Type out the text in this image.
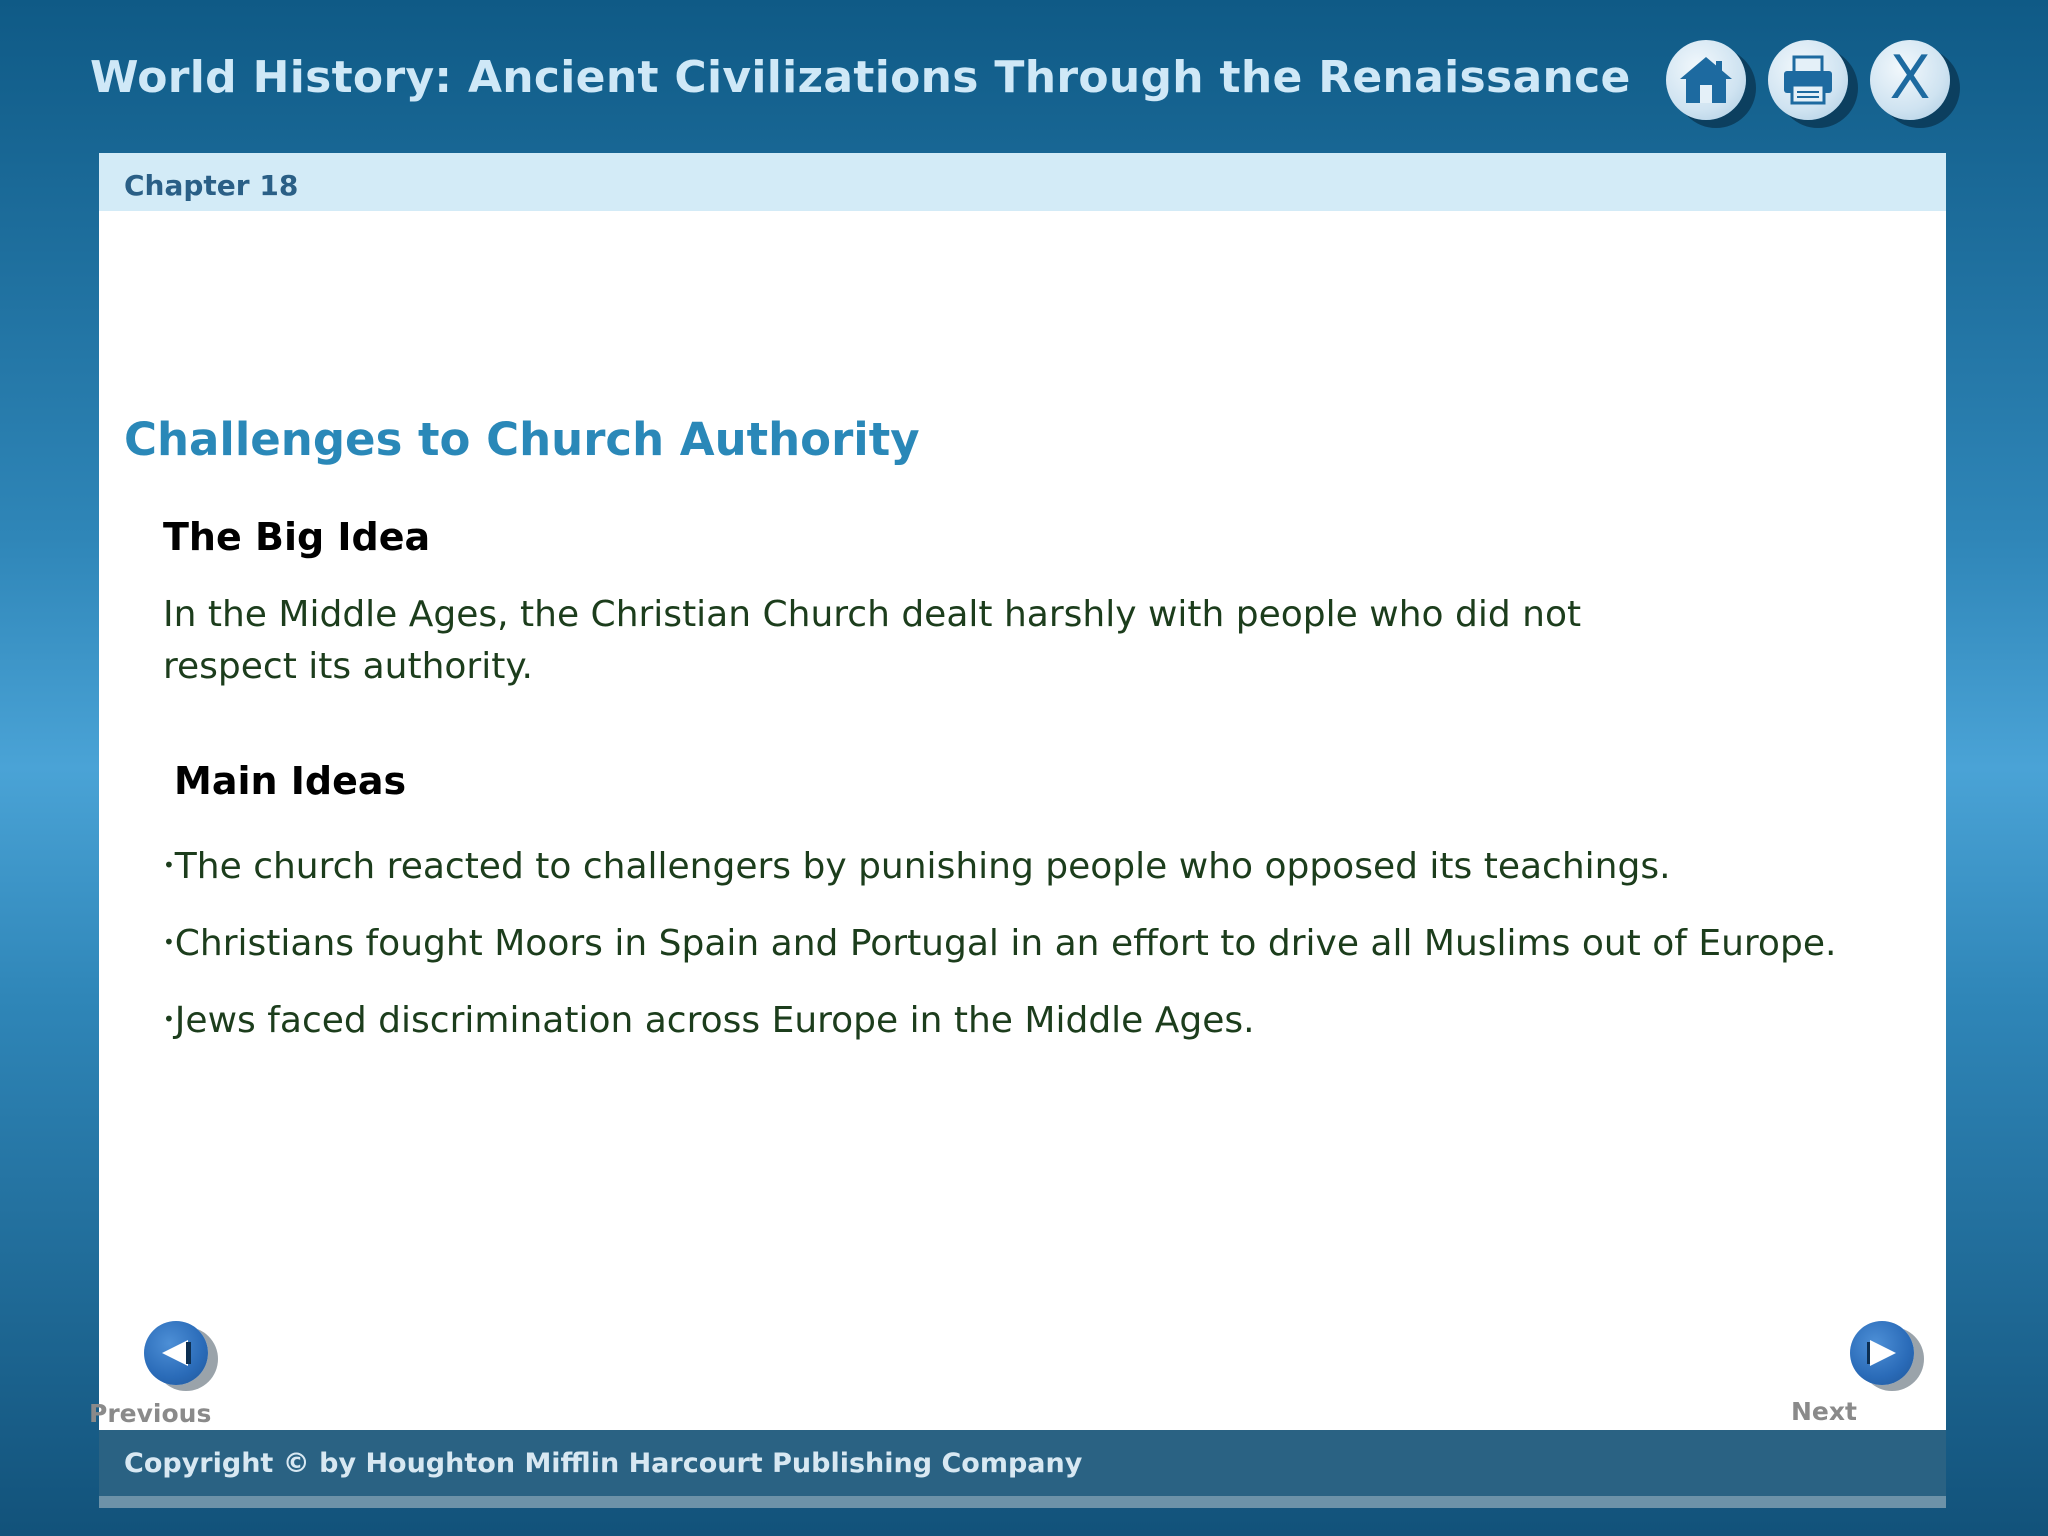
World History: Ancient Civilizations Through the Renaissance	X

Chapter 18

Challenges to Church Authority
The Big Idea

In the Middle Ages, the Christian Church dealt harshly with people who did not respect its authority.

Main Ideas
•The church reacted to challengers by punishing people who opposed its teachings.
•Christians fought Moors in Spain and Portugal in an effort to drive all Muslims out of Europe.
•Jews faced discrimination across Europe in the Middle Ages.

Previous	Next

Copyright © by Houghton Mifflin Harcourt Publishing Company
